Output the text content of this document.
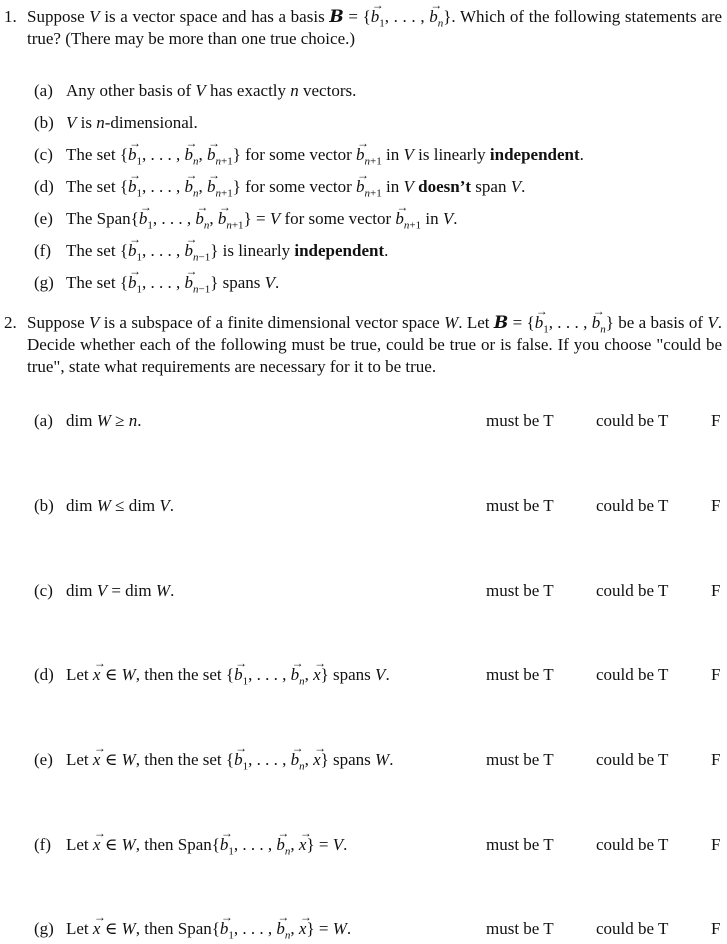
1. Suppose V is a vector space and has a basis B = {→ $b_1$, . . . , → $b_n$}. Which of the following statements are true? (There may be more than one true choice.)
(a) Any other basis of V has exactly n vectors.
(b) V is n-dimensional.
(c) The set {→ $b_1$, . . . , → $b_n$, → $b_{n+1}$} for some vector → $b_{n+1}$ in V is linearly independent.
(d) The set {→ $b_1$, . . . , → $b_n$, → $b_{n+1}$} for some vector → $b_{n+1}$ in V doesn’t span V.
(e) The Span{→ $b_1$, . . . , → $b_n$, → $b_{n+1}\} = V$ for some vector → $b_{n+1}$ in V.
(f) The set {→ $b_1$, . . . , → $b_{n-1}$} is linearly independent.
(g) The set {→ $b_1$, . . . , → $b_{n-1}$} spans V.
2. Suppose V is a subspace of a finite dimensional vector space W. Let B = {→ $b_1$, . . . , → $b_n$} be a basis of V. Decide whether each of the following must be true, could be true or is false. If you choose "could be true", state what requirements are necessary for it to be true.
(a) dim W ≥ n.	must be T could be T	F
(b) dim W ≤ dim V.	must be T could be T	F
(c) dim V = dim W.	must be T could be T	F
(d) Let → x ∈ W, then the set {→ $b_1$, . . . , → $b_n$, → x} spans V.	must be T could be T	F
(e) Let → x ∈ W, then the set {→ $b_1$, . . . , → $b_n$, → x} spans W.	must be T could be T	F
(f) Let → x ∈ W, then Span{→ $b_1$, . . . , → $b_n$, → x} = V.	must be T could be T	F
(g) Let → x ∈ W, then Span{→ $b_1$, . . . , → $b_n$, → x} = W.	must be T could be T	F
